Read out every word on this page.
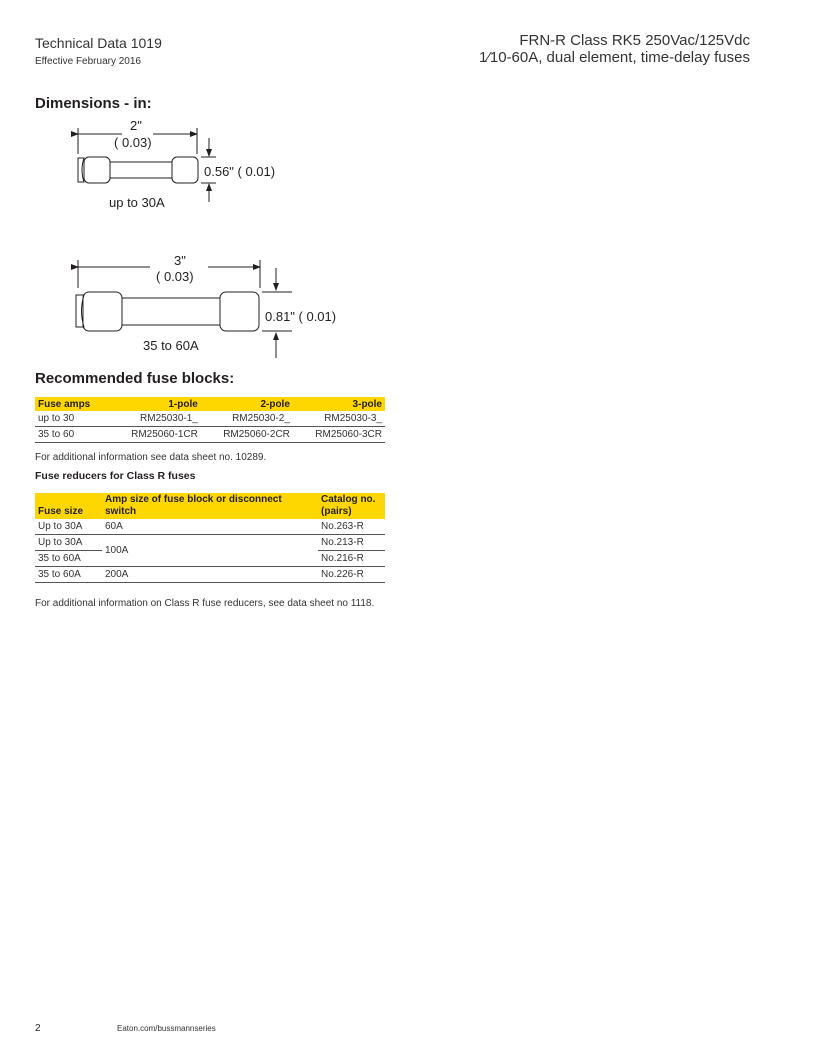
Technical Data 1019
Effective February 2016
FRN-R Class RK5 250Vac/125Vdc
1⁄10-60A, dual element, time-delay fuses
Dimensions - in:
2"
( 0.03)
0.56" ( 0.01)
up to 30A
3"
( 0.03)
0.81" ( 0.01)
35 to 60A
Recommended fuse blocks:
Fuse amps	1-pole	2-pole	3-pole
up to 30	RM25030-1_	RM25030-2_	RM25030-3_
35 to 60	RM25060-1CR	RM25060-2CR	RM25060-3CR
For additional information see data sheet no. 10289.
Fuse reducers for Class R fuses
Fuse size	Amp size of fuse block or disconnect switch	Catalog no. (pairs)
Up to 30A	60A	No.263-R
Up to 30A	100A	No.213-R
35 to 60A		No.216-R
35 to 60A	200A	No.226-R
For additional information on Class R fuse reducers, see data sheet no 1118.
2	Eaton.com/bussmannseries
